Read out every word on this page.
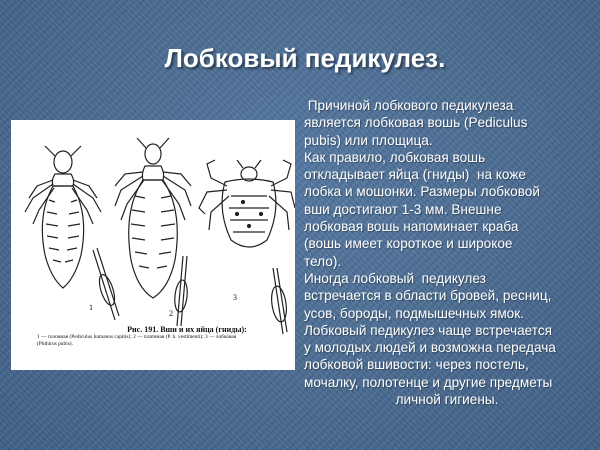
Лобковый педикулез.
1
2
3
Рис. 191. Вши и их яйца (гниды):
1 — головная (Pediculus humanus capitis); 2 — платяная (P. h. vestimenti); 3 — лобковая
(Phthirus pubis).

Причиной лобкового педикулеза

является лобковая вошь (Pediculus

pubis) или площица.

Как правило, лобковая вошь

откладывает яйца (гниды)  на коже

лобка и мошонки. Размеры лобковой

вши достигают 1-3 мм. Внешне

лобковая вошь напоминает краба

(вошь имеет короткое и широкое

тело).

Иногда лобковый  педикулез

встречается в области бровей, ресниц,

усов, бороды, подмышечных ямок.

Лобковый педикулез чаще встречается

у молодых людей и возможна передача

лобковой вшивости: через постель,

мочалку, полотенце и другие предметы

личной гигиены.
